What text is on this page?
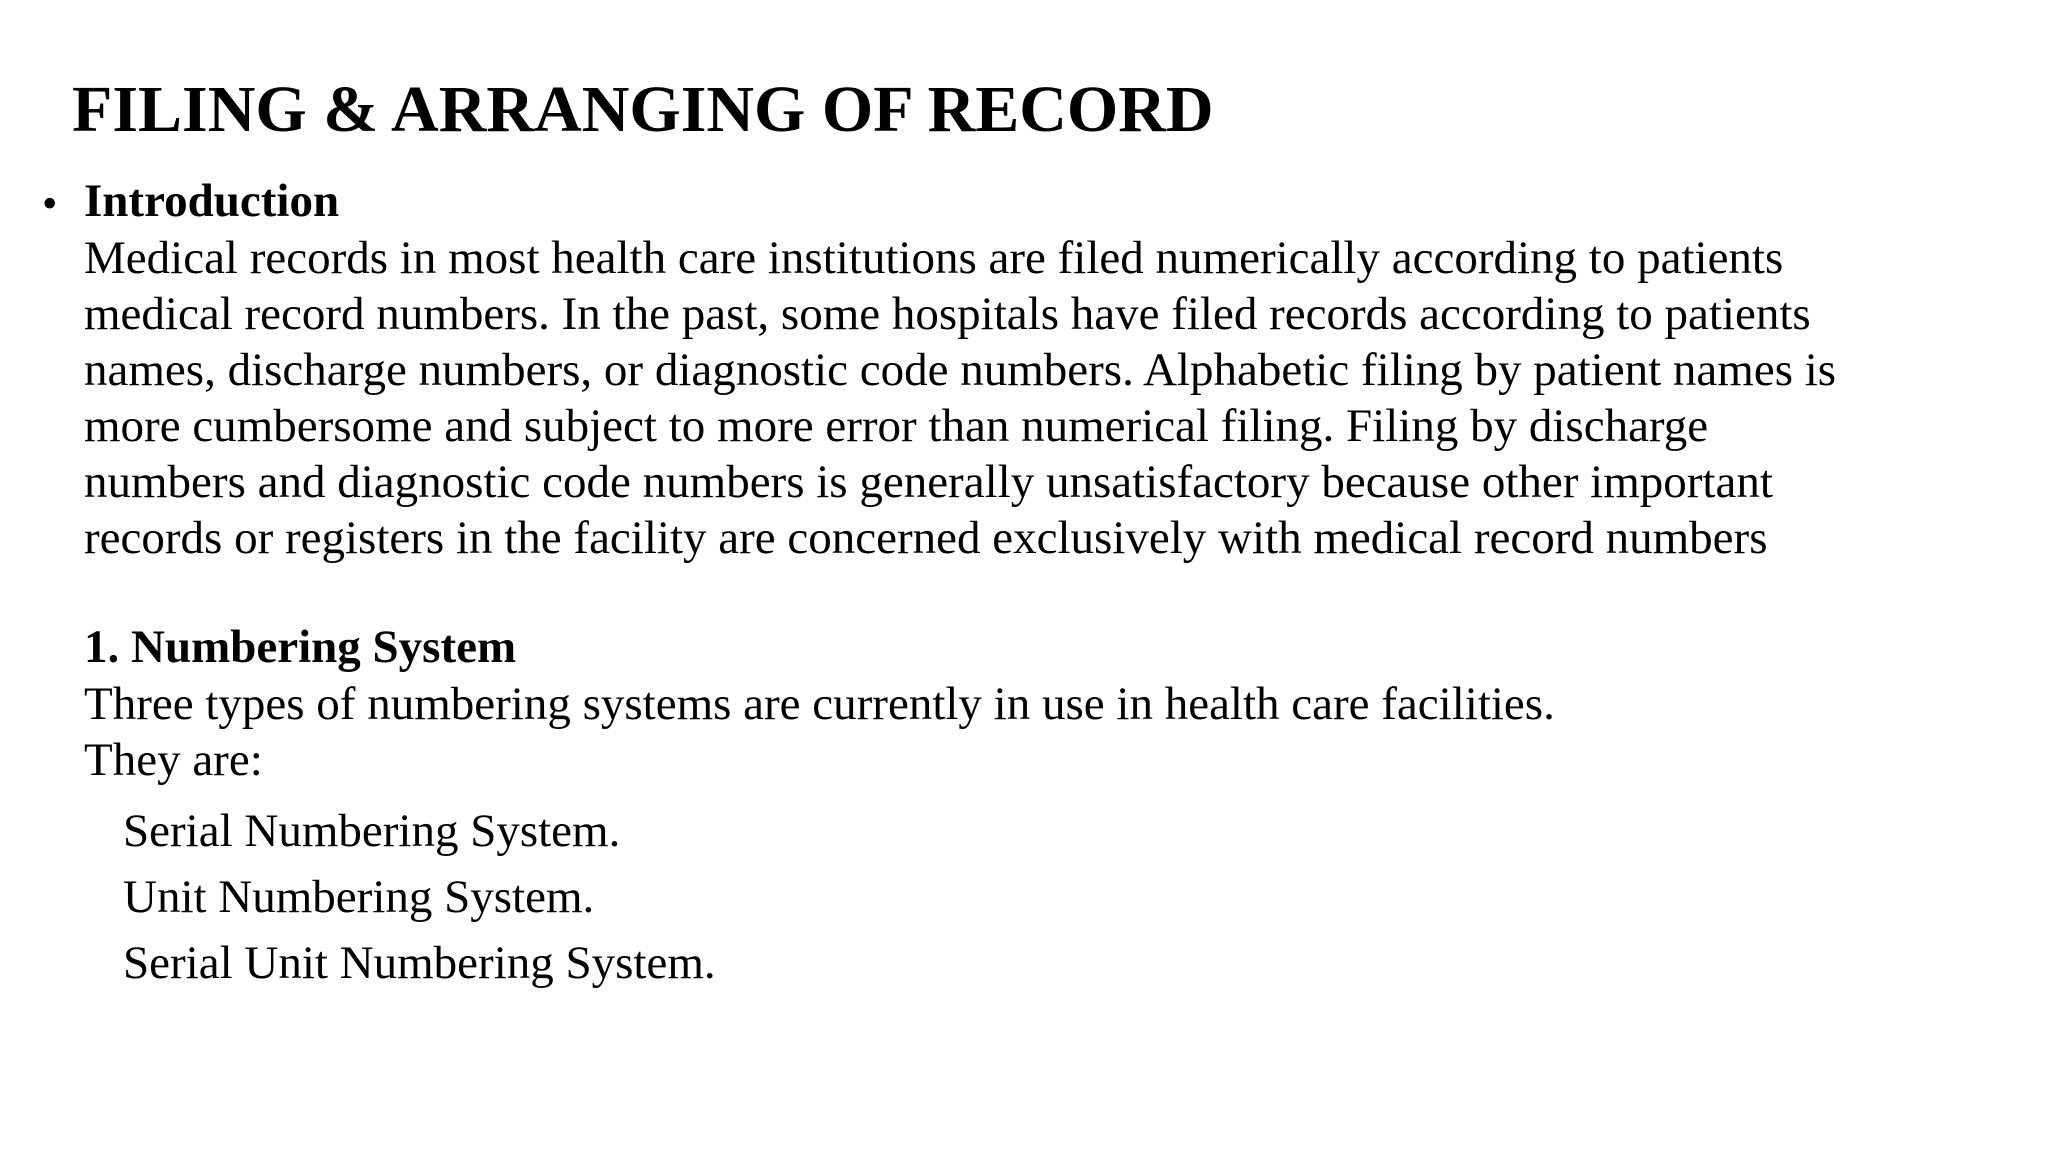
FILING & ARRANGING OF RECORD
• Introduction

Medical records in most health care institutions are filed numerically according to patients

medical record numbers. In the past, some hospitals have filed records according to patients

names, discharge numbers, or diagnostic code numbers. Alphabetic filing by patient names is

more cumbersome and subject to more error than numerical filing. Filing by discharge

numbers and diagnostic code numbers is generally unsatisfactory because other important

records or registers in the facility are concerned exclusively with medical record numbers

1. Numbering System

Three types of numbering systems are currently in use in health care facilities.

They are:

Serial Numbering System.
Unit Numbering System.
Serial Unit Numbering System.
